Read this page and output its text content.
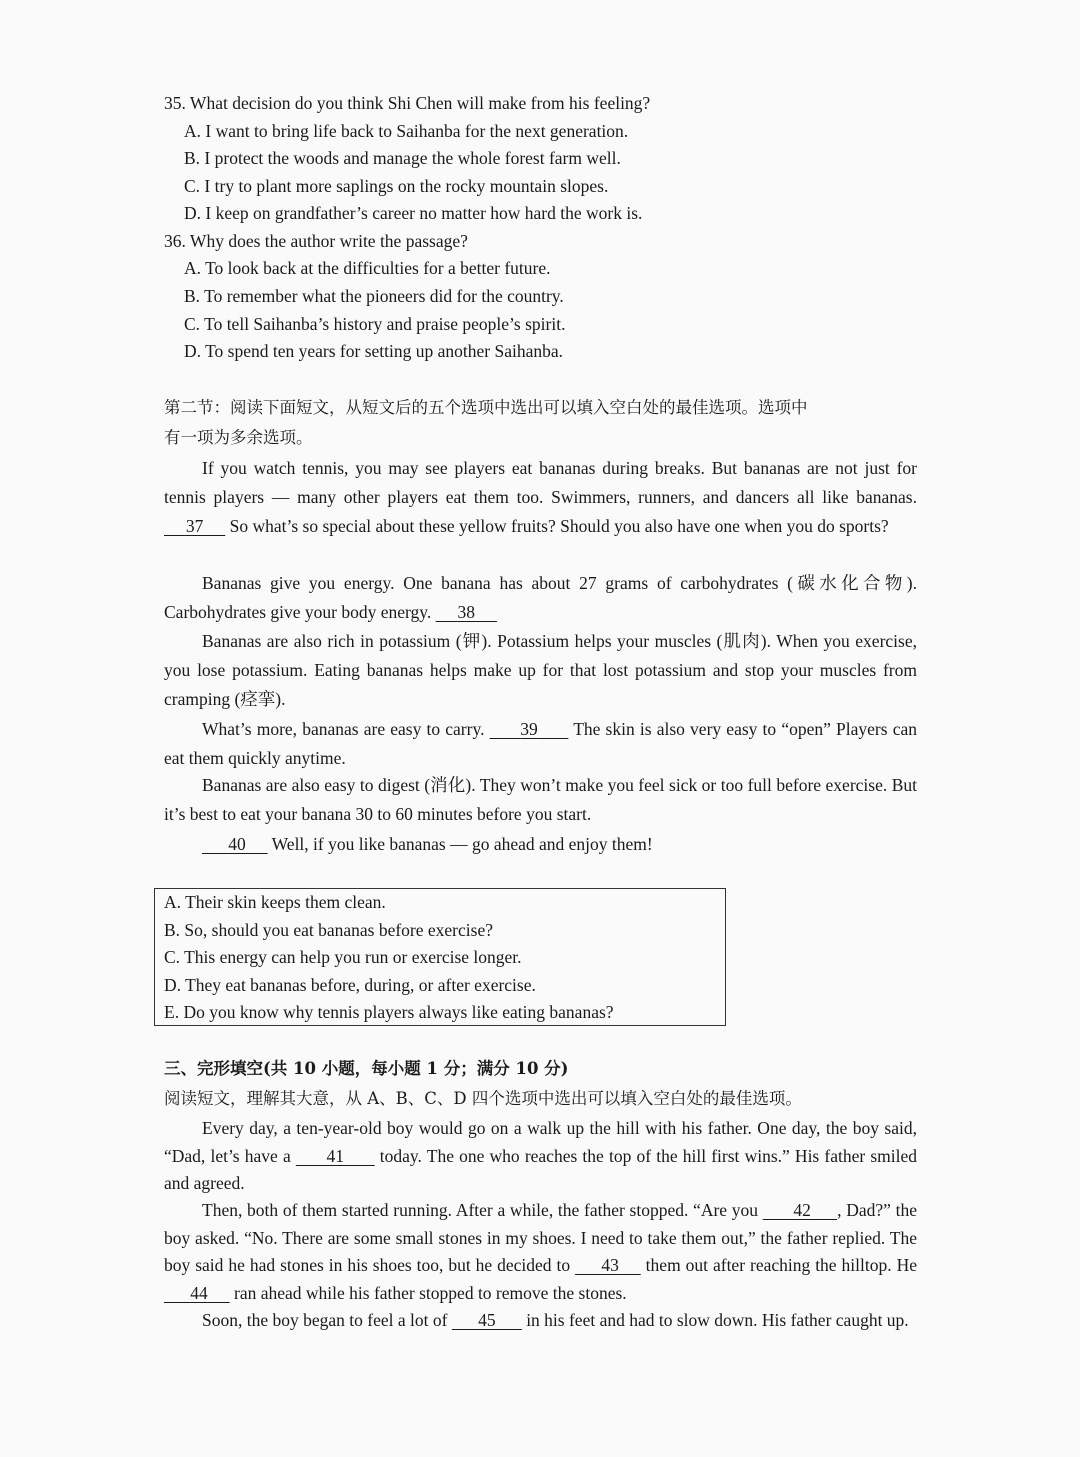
35. What decision do you think Shi Chen will make from his feeling?
A. I want to bring life back to Saihanba for the next generation.
B. I protect the woods and manage the whole forest farm well.
C. I try to plant more saplings on the rocky mountain slopes.
D. I keep on grandfather’s career no matter how hard the work is.
36. Why does the author write the passage?
A. To look back at the difficulties for a better future.
B. To remember what the pioneers did for the country.
C. To tell Saihanba’s history and praise people’s spirit.
D. To spend ten years for setting up another Saihanba.
第二节：阅读下面短文，从短文后的五个选项中选出可以填入空白处的最佳选项。选项中
有一项为多余选项。
If you watch tennis, you may see players eat bananas during breaks. But bananas are not just for tennis players — many other players eat them too. Swimmers, runners, and dancers all like bananas.      37      So what’s so special about these yellow fruits? Should you also have one when you do sports?
Bananas give you energy. One banana has about 27 grams of carbohydrates (碳水化合物). Carbohydrates give your body energy.      38
Bananas are also rich in potassium (钾). Potassium helps your muscles (肌肉). When you exercise, you lose potassium. Eating bananas helps make up for that lost potassium and stop your muscles from cramping (痉挛).
What’s more, bananas are easy to carry.        39        The skin is also very easy to “open” Players can eat them quickly anytime.
Bananas are also easy to digest (消化). They won’t make you feel sick or too full before exercise. But it’s best to eat your banana 30 to 60 minutes before you start.
40      Well, if you like bananas — go ahead and enjoy them!
A. Their skin keeps them clean.
B. So, should you eat bananas before exercise?
C. This energy can help you run or exercise longer.
D. They eat bananas before, during, or after exercise.
E. Do you know why tennis players always like eating bananas?
三、完形填空(共 10 小题，每小题 1 分；满分 10 分)
阅读短文，理解其大意，从 A、B、C、D 四个选项中选出可以填入空白处的最佳选项。
Every day, a ten-year-old boy would go on a walk up the hill with his father. One day, the boy said, “Dad, let’s have a        41        today. The one who reaches the top of the hill first wins.” His father smiled and agreed.
Then, both of them started running. After a while, the father stopped. “Are you        42 , Dad?” the boy asked. “No. There are some small stones in my shoes. I need to take them out,” the father replied. The boy said he had stones in his shoes too, but he decided to       43      them out after reaching the hilltop. He       44      ran ahead while his father stopped to remove the stones.
Soon, the boy began to feel a lot of       45       in his feet and had to slow down. His father caught up.
